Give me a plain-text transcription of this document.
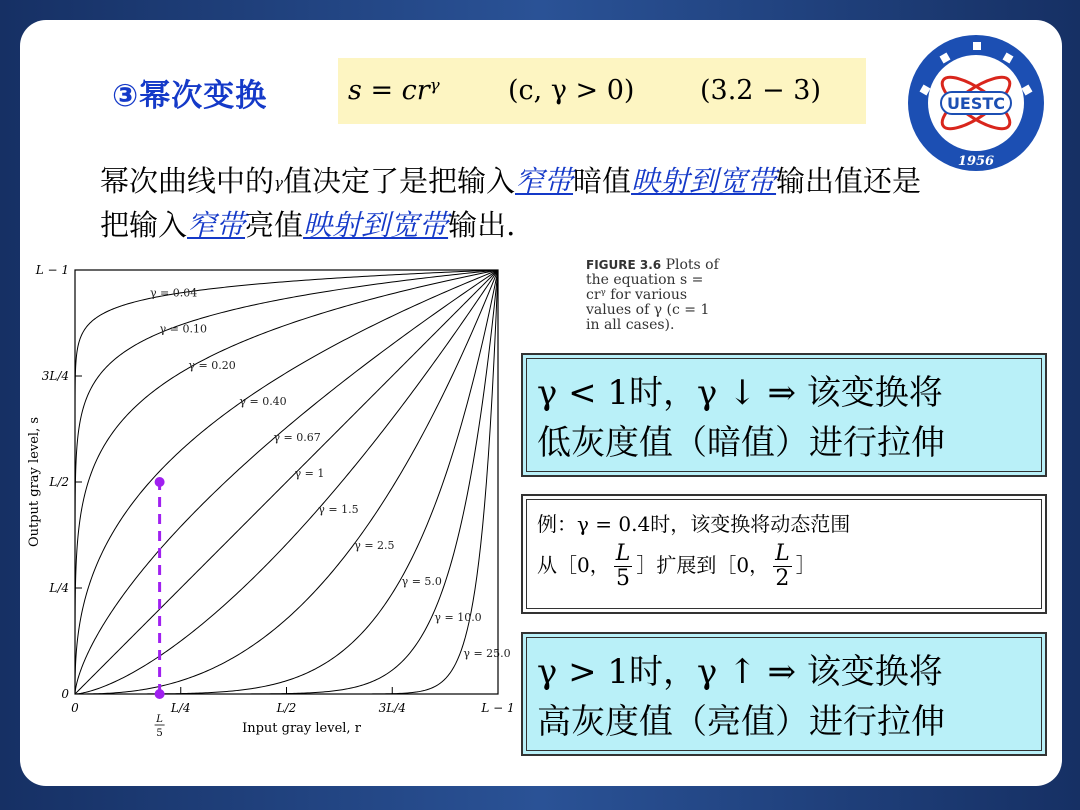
③幂次变换	s = crᵞ	(c, γ > 0) (3.2 − 3)	UESTC
1956
幂次曲线中的γ值决定了是把输入窄带暗值映射到宽带输出值还是把输入窄带亮值映射到宽带输出.
γ = 0.04
γ = 0.10
γ = 0.20
γ = 0.40
γ = 0.67
γ = 1
γ = 1.5
γ = 2.5
γ = 5.0
γ = 10.0
γ = 25.0
0	L/4	L/2	3L/4	L − 1
0
L/4
L/2
3L/4
L − 1
L
5
Output gray level, s
Input gray level, r
FIGURE 3.6 Plots of the equation s = crᵞ for various values of γ (c = 1 in all cases).
γ < 1时，γ ↓ ⇒ 该变换将
低灰度值（暗值）进行拉伸
例：γ = 0.4时，该变换将动态范围
从［0， $\frac{L}{5}$ ］扩展到［0， $\frac{L}{2}$ ］
γ > 1时，γ ↑ ⇒ 该变换将
高灰度值（亮值）进行拉伸
